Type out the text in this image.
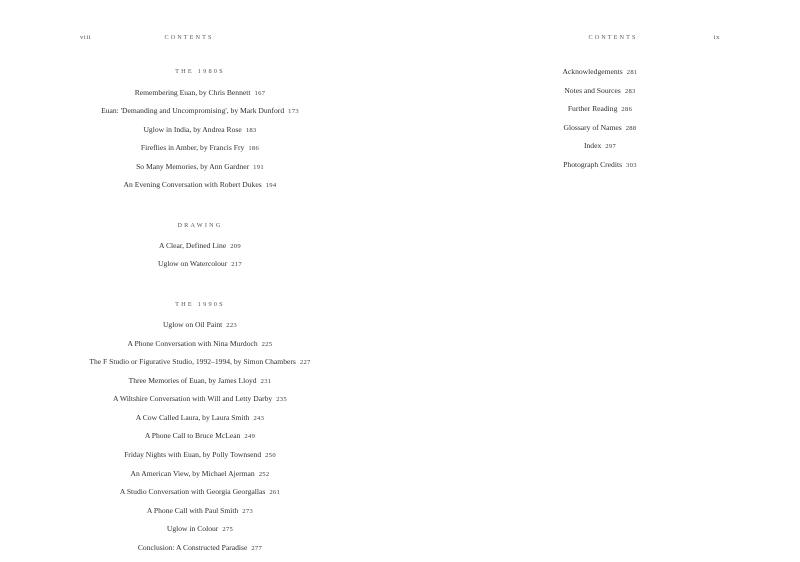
viii	CONTENTS
THE 1980S
Remembering Euan, by Chris Bennett 167
Euan: 'Demanding and Uncompromising', by Mark Dunford 173
Uglow in India, by Andrea Rose 183
Fireflies in Amber, by Francis Fry 186
So Many Memories, by Ann Gardner 191
An Evening Conversation with Robert Dukes 194
DRAWING
A Clear, Defined Line 209
Uglow on Watercolour 217
THE 1990S
Uglow on Oil Paint 223
A Phone Conversation with Nina Murdoch 225
The F Studio or Figurative Studio, 1992–1994, by Simon Chambers 227
Three Memories of Euan, by James Lloyd 231
A Wiltshire Conversation with Will and Letty Darby 235
A Cow Called Laura, by Laura Smith 243
A Phone Call to Bruce McLean 249
Friday Nights with Euan, by Polly Townsend 250
An American View, by Michael Ajerman 252
A Studio Conversation with Georgia Georgallas 261
A Phone Call with Paul Smith 273
Uglow in Colour 275
Conclusion: A Constructed Paradise 277
ix
CONTENTS
Acknowledgements 281
Notes and Sources 283
Further Reading 286
Glossary of Names 288
Index 297
Photograph Credits 303
